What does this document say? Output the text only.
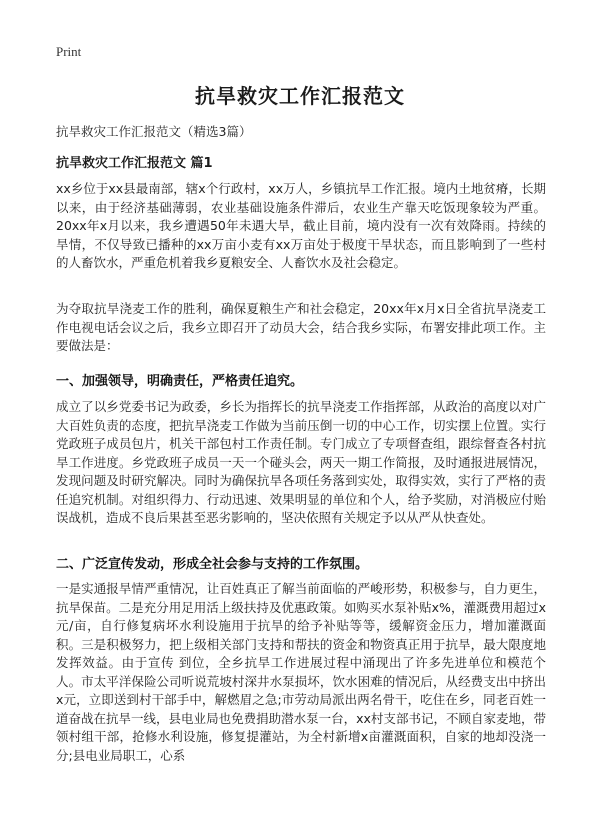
Print
抗旱救灾工作汇报范文
抗旱救灾工作汇报范文（精选3篇）
抗旱救灾工作汇报范文 篇1
xx乡位于xx县最南部，辖x个行政村，xx万人，乡镇抗旱工作汇报。境内土地贫瘠，长期以来，由于经济基础薄弱，农业基础设施条件滞后，农业生产靠天吃饭现象较为严重。20xx年x月以来，我乡遭遇50年未遇大旱，截止目前，境内没有一次有效降雨。持续的旱情，不仅导致已播种的xx万亩小麦有xx万亩处于极度干旱状态，而且影响到了一些村的人畜饮水，严重危机着我乡夏粮安全、人畜饮水及社会稳定。
为夺取抗旱浇麦工作的胜利，确保夏粮生产和社会稳定，20xx年x月x日全省抗旱浇麦工作电视电话会议之后，我乡立即召开了动员大会，结合我乡实际，布署安排此项工作。主要做法是：
一、加强领导，明确责任，严格责任追究。
成立了以乡党委书记为政委，乡长为指挥长的抗旱浇麦工作指挥部，从政治的高度以对广大百姓负责的态度，把抗旱浇麦工作做为当前压倒一切的中心工作，切实摆上位置。实行党政班子成员包片，机关干部包村工作责任制。专门成立了专项督查组，跟综督查各村抗旱工作进度。乡党政班子成员一天一个碰头会，两天一期工作简报，及时通报进展情况，发现问题及时研究解决。同时为确保抗旱各项任务落到实处，取得实效，实行了严格的责任追究机制。对组织得力、行动迅速、效果明显的单位和个人，给予奖励，对消极应付贻误战机，造成不良后果甚至恶劣影响的，坚决依照有关规定予以从严从快查处。
二、广泛宣传发动，形成全社会参与支持的工作氛围。
一是实通报旱情严重情况，让百姓真正了解当前面临的严峻形势，积极参与，自力更生，抗旱保苗。二是充分用足用活上级扶持及优惠政策。如购买水泵补贴x%，灌溉费用超过x元/亩，自行修复病坏水利设施用于抗旱的给予补贴等等，缓解资金压力，增加灌溉面积。三是积极努力，把上级相关部门支持和帮扶的资金和物资真正用于抗旱，最大限度地发挥效益。由于宣传 到位，全乡抗旱工作进展过程中涌现出了许多先进单位和模范个人。市太平洋保险公司听说荒坡村深井水泵损坏，饮水困难的情况后，从经费支出中挤出x元，立即送到村干部手中，解燃眉之急;市劳动局派出两名骨干，吃住在乡，同老百姓一道奋战在抗旱一线，县电业局也免费捐助潜水泵一台，xx村支部书记，不顾自家麦地，带领村组干部，抢修水利设施，修复提灌站，为全村新增x亩灌溉面积，自家的地却没浇一分;县电业局职工，心系
